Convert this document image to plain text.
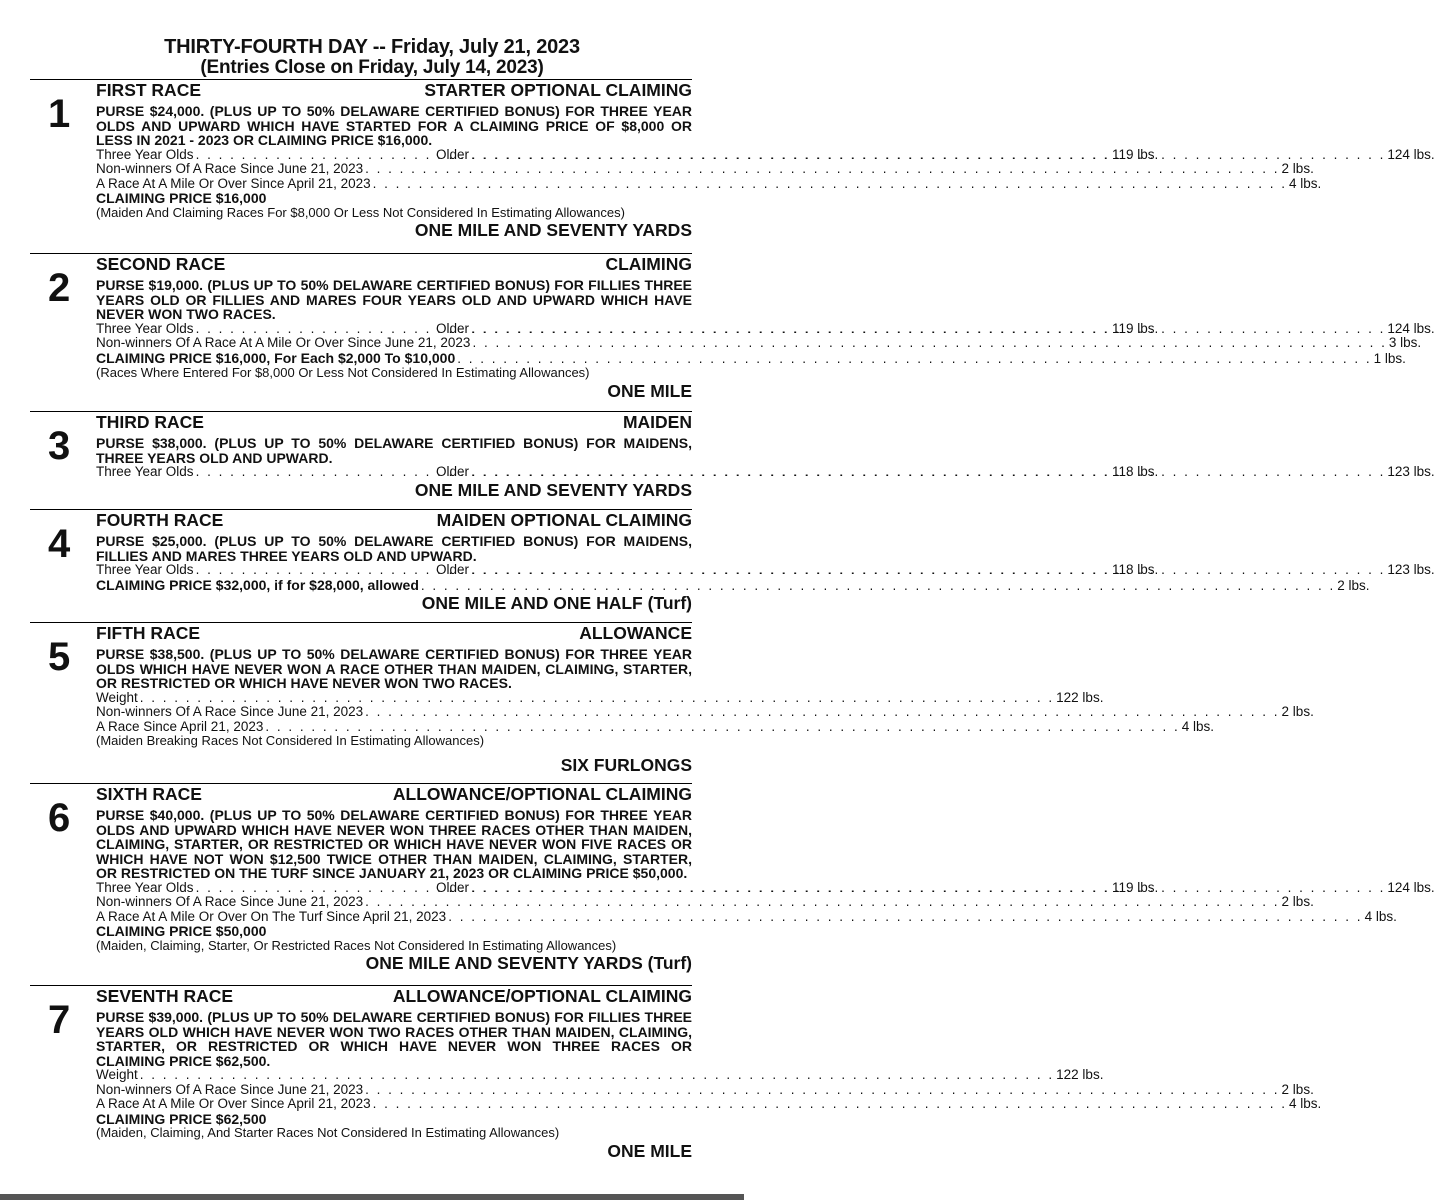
THIRTY-FOURTH DAY -- Friday, July 21, 2023
(Entries Close on Friday, July 14, 2023)
1
FIRST RACE	STARTER OPTIONAL CLAIMING
PURSE $24,000. (PLUS UP TO 50% DELAWARE CERTIFIED BONUS) FOR THREE YEAR OLDS AND UPWARD WHICH HAVE STARTED FOR A CLAIMING PRICE OF $8,000 OR LESS IN 2021 - 2023 OR CLAIMING PRICE $16,000.
Three Year Olds . . .	119 lbs.
Older . . .	124 lbs.
Non-winners Of A Race Since June 21, 2023 . . .	2 lbs.
A Race At A Mile Or Over Since April 21, 2023 . . .	4 lbs.
CLAIMING PRICE $16,000
(Maiden And Claiming Races For $8,000 Or Less Not Considered In Estimating Allowances)
ONE MILE AND SEVENTY YARDS
2
SECOND RACE	CLAIMING
PURSE $19,000. (PLUS UP TO 50% DELAWARE CERTIFIED BONUS) FOR FILLIES THREE YEARS OLD OR FILLIES AND MARES FOUR YEARS OLD AND UPWARD WHICH HAVE NEVER WON TWO RACES.
Three Year Olds . . .	119 lbs.
Older . . .	124 lbs.
Non-winners Of A Race At A Mile Or Over Since June 21, 2023 . . .	3 lbs.
CLAIMING PRICE $16,000, For Each $2,000 To $10,000 . . .	1 lbs.
(Races Where Entered For $8,000 Or Less Not Considered In Estimating Allowances)
ONE MILE
3
THIRD RACE	MAIDEN
PURSE $38,000. (PLUS UP TO 50% DELAWARE CERTIFIED BONUS) FOR MAIDENS, THREE YEARS OLD AND UPWARD.
Three Year Olds . . .	118 lbs.
Older . . .	123 lbs.
ONE MILE AND SEVENTY YARDS
4
FOURTH RACE	MAIDEN OPTIONAL CLAIMING
PURSE $25,000. (PLUS UP TO 50% DELAWARE CERTIFIED BONUS) FOR MAIDENS, FILLIES AND MARES THREE YEARS OLD AND UPWARD.
Three Year Olds . . .	118 lbs.
Older . . .	123 lbs.
CLAIMING PRICE $32,000, if for $28,000, allowed . . .	2 lbs.
ONE MILE AND ONE HALF (Turf)
5
FIFTH RACE	ALLOWANCE
PURSE $38,500. (PLUS UP TO 50% DELAWARE CERTIFIED BONUS) FOR THREE YEAR OLDS WHICH HAVE NEVER WON A RACE OTHER THAN MAIDEN, CLAIMING, STARTER, OR RESTRICTED OR WHICH HAVE NEVER WON TWO RACES.
Weight . . .	122 lbs.
Non-winners Of A Race Since June 21, 2023 . . .	2 lbs.
A Race Since April 21, 2023 . . .	4 lbs.
(Maiden Breaking Races Not Considered In Estimating Allowances)
SIX FURLONGS
6
SIXTH RACE	ALLOWANCE/OPTIONAL CLAIMING
PURSE $40,000. (PLUS UP TO 50% DELAWARE CERTIFIED BONUS) FOR THREE YEAR OLDS AND UPWARD WHICH HAVE NEVER WON THREE RACES OTHER THAN MAIDEN, CLAIMING, STARTER, OR RESTRICTED OR WHICH HAVE NEVER WON FIVE RACES OR WHICH HAVE NOT WON $12,500 TWICE OTHER THAN MAIDEN, CLAIMING, STARTER, OR RESTRICTED ON THE TURF SINCE JANUARY 21, 2023 OR CLAIMING PRICE $50,000.
Three Year Olds . . .	119 lbs.
Older . . .	124 lbs.
Non-winners Of A Race Since June 21, 2023 . . .	2 lbs.
A Race At A Mile Or Over On The Turf Since April 21, 2023 . . .	4 lbs.
CLAIMING PRICE $50,000
(Maiden, Claiming, Starter, Or Restricted Races Not Considered In Estimating Allowances)
ONE MILE AND SEVENTY YARDS (Turf)
7
SEVENTH RACE	ALLOWANCE/OPTIONAL CLAIMING
PURSE $39,000. (PLUS UP TO 50% DELAWARE CERTIFIED BONUS) FOR FILLIES THREE YEARS OLD WHICH HAVE NEVER WON TWO RACES OTHER THAN MAIDEN, CLAIMING, STARTER, OR RESTRICTED OR WHICH HAVE NEVER WON THREE RACES OR CLAIMING PRICE $62,500.
Weight . . .	122 lbs.
Non-winners Of A Race Since June 21, 2023 . . .	2 lbs.
A Race At A Mile Or Over Since April 21, 2023 . . .	4 lbs.
CLAIMING PRICE $62,500
(Maiden, Claiming, And Starter Races Not Considered In Estimating Allowances)
ONE MILE
